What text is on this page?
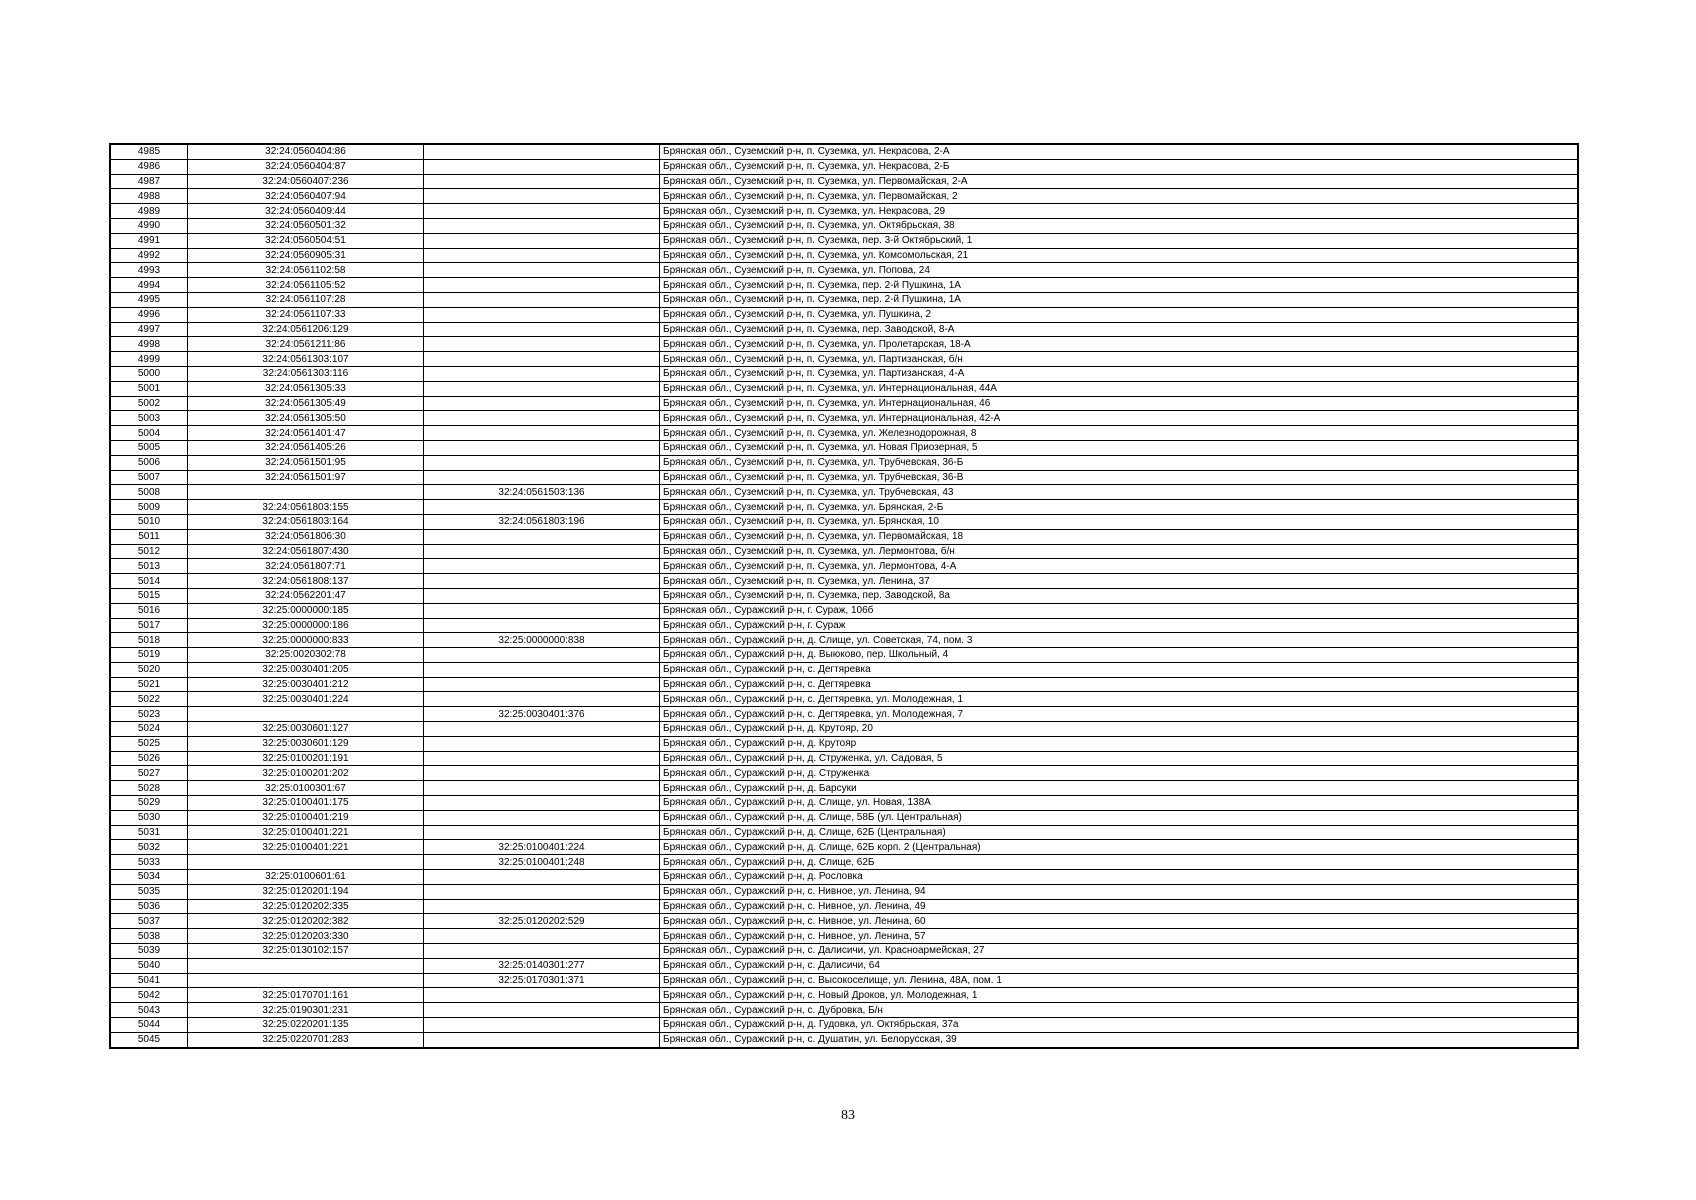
4985	32:24:0560404:86		Брянская обл., Суземский р-н, п. Суземка, ул. Некрасова, 2-А
4986	32:24:0560404:87		Брянская обл., Суземский р-н, п. Суземка, ул. Некрасова, 2-Б
4987	32:24:0560407:236		Брянская обл., Суземский р-н, п. Суземка, ул. Первомайская, 2-А
4988	32:24:0560407:94		Брянская обл., Суземский р-н, п. Суземка, ул. Первомайская, 2
4989	32:24:0560409:44		Брянская обл., Суземский р-н, п. Суземка, ул. Некрасова, 29
4990	32:24:0560501:32		Брянская обл., Суземский р-н, п. Суземка, ул. Октябрьская, 38
4991	32:24:0560504:51		Брянская обл., Суземский р-н, п. Суземка, пер. 3-й Октябрьский, 1
4992	32:24:0560905:31		Брянская обл., Суземский р-н, п. Суземка, ул. Комсомольская, 21
4993	32:24:0561102:58		Брянская обл., Суземский р-н, п. Суземка, ул. Попова, 24
4994	32:24:0561105:52		Брянская обл., Суземский р-н, п. Суземка, пер. 2-й Пушкина, 1А
4995	32:24:0561107:28		Брянская обл., Суземский р-н, п. Суземка, пер. 2-й Пушкина, 1А
4996	32:24:0561107:33		Брянская обл., Суземский р-н, п. Суземка, ул. Пушкина, 2
4997	32:24:0561206:129		Брянская обл., Суземский р-н, п. Суземка, пер. Заводской, 8-А
4998	32:24:0561211:86		Брянская обл., Суземский р-н, п. Суземка, ул. Пролетарская, 18-А
4999	32:24:0561303:107		Брянская обл., Суземский р-н, п. Суземка, ул. Партизанская, б/н
5000	32:24:0561303:116		Брянская обл., Суземский р-н, п. Суземка, ул. Партизанская, 4-А
5001	32:24:0561305:33		Брянская обл., Суземский р-н, п. Суземка, ул. Интернациональная, 44А
5002	32:24:0561305:49		Брянская обл., Суземский р-н, п. Суземка, ул. Интернациональная, 46
5003	32:24:0561305:50		Брянская обл., Суземский р-н, п. Суземка, ул. Интернациональная, 42-А
5004	32:24:0561401:47		Брянская обл., Суземский р-н, п. Суземка, ул. Железнодорожная, 8
5005	32:24:0561405:26		Брянская обл., Суземский р-н, п. Суземка, ул. Новая Приозерная, 5
5006	32:24:0561501:95		Брянская обл., Суземский р-н, п. Суземка, ул. Трубчевская, 36-Б
5007	32:24:0561501:97		Брянская обл., Суземский р-н, п. Суземка, ул. Трубчевская, 36-В
5008		32:24:0561503:136	Брянская обл., Суземский р-н, п. Суземка, ул. Трубчевская, 43
5009	32:24:0561803:155		Брянская обл., Суземский р-н, п. Суземка, ул. Брянская, 2-Б
5010	32:24:0561803:164	32:24:0561803:196	Брянская обл., Суземский р-н, п. Суземка, ул. Брянская, 10
5011	32:24:0561806:30		Брянская обл., Суземский р-н, п. Суземка, ул. Первомайская, 18
5012	32:24:0561807:430		Брянская обл., Суземский р-н, п. Суземка, ул. Лермонтова, б/н
5013	32:24:0561807:71		Брянская обл., Суземский р-н, п. Суземка, ул. Лермонтова, 4-А
5014	32:24:0561808:137		Брянская обл., Суземский р-н, п. Суземка, ул. Ленина, 37
5015	32:24:0562201:47		Брянская обл., Суземский р-н, п. Суземка, пер. Заводской, 8а
5016	32:25:0000000:185		Брянская обл., Суражский р-н, г. Сураж, 106б
5017	32:25:0000000:186		Брянская обл., Суражский р-н, г. Сураж
5018	32:25:0000000:833	32:25:0000000:838	Брянская обл., Суражский р-н, д. Слище, ул. Советская, 74, пом. 3
5019	32:25:0020302:78		Брянская обл., Суражский р-н, д. Выюково, пер. Школьный, 4
5020	32:25:0030401:205		Брянская обл., Суражский р-н, с. Дегтяревка
5021	32:25:0030401:212		Брянская обл., Суражский р-н, с. Дегтяревка
5022	32:25:0030401:224		Брянская обл., Суражский р-н, с. Дегтяревка, ул. Молодежная, 1
5023		32:25:0030401:376	Брянская обл., Суражский р-н, с. Дегтяревка, ул. Молодежная, 7
5024	32:25:0030601:127		Брянская обл., Суражский р-н, д. Крутояр, 20
5025	32:25:0030601:129		Брянская обл., Суражский р-н, д. Крутояр
5026	32:25:0100201:191		Брянская обл., Суражский р-н, д. Струженка, ул. Садовая, 5
5027	32:25:0100201:202		Брянская обл., Суражский р-н, д. Струженка
5028	32:25:0100301:67		Брянская обл., Суражский р-н, д. Барсуки
5029	32:25:0100401:175		Брянская обл., Суражский р-н, д. Слище, ул. Новая, 138А
5030	32:25:0100401:219		Брянская обл., Суражский р-н, д. Слище, 58Б (ул. Центральная)
5031	32:25:0100401:221		Брянская обл., Суражский р-н, д. Слище, 62Б (Центральная)
5032	32:25:0100401:221	32:25:0100401:224	Брянская обл., Суражский р-н, д. Слище, 62Б корп. 2 (Центральная)
5033		32:25:0100401:248	Брянская обл., Суражский р-н, д. Слище, 62Б
5034	32:25:0100601:61		Брянская обл., Суражский р-н, д. Рословка
5035	32:25:0120201:194		Брянская обл., Суражский р-н, с. Нивное, ул. Ленина, 94
5036	32:25:0120202:335		Брянская обл., Суражский р-н, с. Нивное, ул. Ленина, 49
5037	32:25:0120202:382	32:25:0120202:529	Брянская обл., Суражский р-н, с. Нивное, ул. Ленина, 60
5038	32:25:0120203:330		Брянская обл., Суражский р-н, с. Нивное, ул. Ленина, 57
5039	32:25:0130102:157		Брянская обл., Суражский р-н, с. Далисичи, ул. Красноармейская, 27
5040		32:25:0140301:277	Брянская обл., Суражский р-н, с. Далисичи, 64
5041		32:25:0170301:371	Брянская обл., Суражский р-н, с. Высокоселище, ул. Ленина, 48А, пом. 1
5042	32:25:0170701:161		Брянская обл., Суражский р-н, с. Новый Дроков, ул. Молодежная, 1
5043	32:25:0190301:231		Брянская обл., Суражский р-н, с. Дубровка, Б/н
5044	32:25:0220201:135		Брянская обл., Суражский р-н, д. Гудовка, ул. Октябрьская, 37а
5045	32:25:0220701:283		Брянская обл., Суражский р-н, с. Душатин, ул. Белорусская, 39
83
